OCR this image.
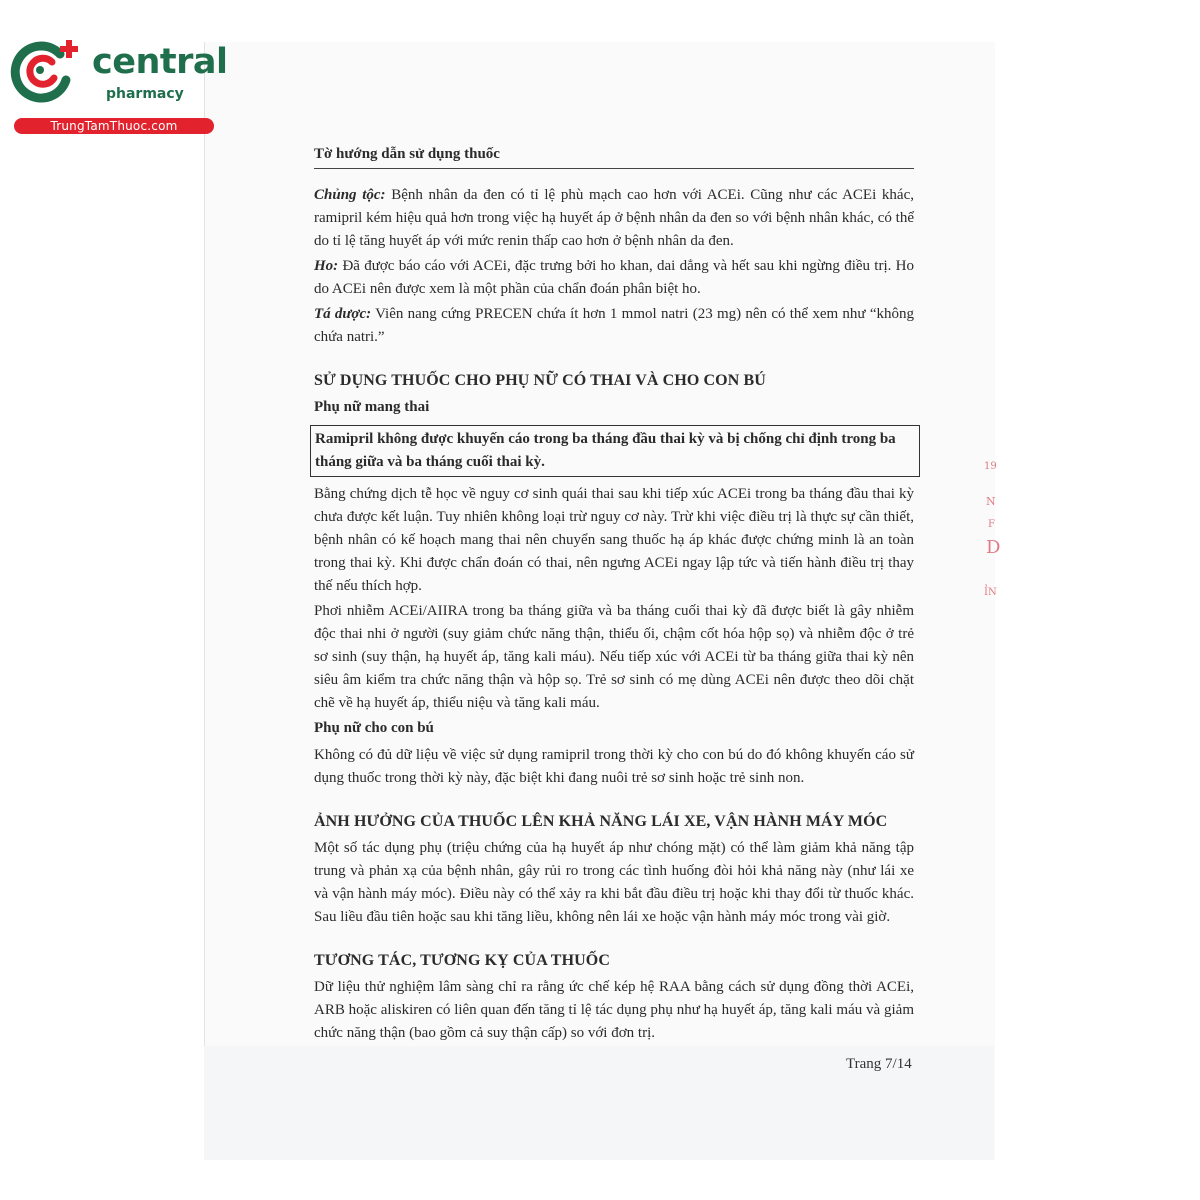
central
pharmacy
TrungTamThuoc.com
Tờ hướng dẫn sử dụng thuốc

Chủng tộc: Bệnh nhân da đen có tỉ lệ phù mạch cao hơn với ACEi. Cũng như các ACEi khác, ramipril kém hiệu quả hơn trong việc hạ huyết áp ở bệnh nhân da đen so với bệnh nhân khác, có thể do tỉ lệ tăng huyết áp với mức renin thấp cao hơn ở bệnh nhân da đen.

Ho: Đã được báo cáo với ACEi, đặc trưng bởi ho khan, dai dẳng và hết sau khi ngừng điều trị. Ho do ACEi nên được xem là một phần của chẩn đoán phân biệt ho.

Tá dược: Viên nang cứng PRECEN chứa ít hơn 1 mmol natri (23 mg) nên có thể xem như “không chứa natri.”

SỬ DỤNG THUỐC CHO PHỤ NỮ CÓ THAI VÀ CHO CON BÚ
Phụ nữ mang thai
Ramipril không được khuyến cáo trong ba tháng đầu thai kỳ và bị chống chỉ định trong ba tháng giữa và ba tháng cuối thai kỳ.

Bằng chứng dịch tễ học về nguy cơ sinh quái thai sau khi tiếp xúc ACEi trong ba tháng đầu thai kỳ chưa được kết luận. Tuy nhiên không loại trừ nguy cơ này. Trừ khi việc điều trị là thực sự cần thiết, bệnh nhân có kế hoạch mang thai nên chuyển sang thuốc hạ áp khác được chứng minh là an toàn trong thai kỳ. Khi được chẩn đoán có thai, nên ngưng ACEi ngay lập tức và tiến hành điều trị thay thế nếu thích hợp.

Phơi nhiễm ACEi/AIIRA trong ba tháng giữa và ba tháng cuối thai kỳ đã được biết là gây nhiễm độc thai nhi ở người (suy giảm chức năng thận, thiểu ối, chậm cốt hóa hộp sọ) và nhiễm độc ở trẻ sơ sinh (suy thận, hạ huyết áp, tăng kali máu). Nếu tiếp xúc với ACEi từ ba tháng giữa thai kỳ nên siêu âm kiểm tra chức năng thận và hộp sọ. Trẻ sơ sinh có mẹ dùng ACEi nên được theo dõi chặt chẽ về hạ huyết áp, thiểu niệu và tăng kali máu.

Phụ nữ cho con bú

Không có đủ dữ liệu về việc sử dụng ramipril trong thời kỳ cho con bú do đó không khuyến cáo sử dụng thuốc trong thời kỳ này, đặc biệt khi đang nuôi trẻ sơ sinh hoặc trẻ sinh non.

ẢNH HƯỞNG CỦA THUỐC LÊN KHẢ NĂNG LÁI XE, VẬN HÀNH MÁY MÓC

Một số tác dụng phụ (triệu chứng của hạ huyết áp như chóng mặt) có thể làm giảm khả năng tập trung và phản xạ của bệnh nhân, gây rủi ro trong các tình huống đòi hỏi khả năng này (như lái xe và vận hành máy móc). Điều này có thể xảy ra khi bắt đầu điều trị hoặc khi thay đổi từ thuốc khác. Sau liều đầu tiên hoặc sau khi tăng liều, không nên lái xe hoặc vận hành máy móc trong vài giờ.

TƯƠNG TÁC, TƯƠNG KỴ CỦA THUỐC

Dữ liệu thử nghiệm lâm sàng chỉ ra rằng ức chế kép hệ RAA bằng cách sử dụng đồng thời ACEi, ARB hoặc aliskiren có liên quan đến tăng tỉ lệ tác dụng phụ như hạ huyết áp, tăng kali máu và giảm chức năng thận (bao gồm cả suy thận cấp) so với đơn trị.

Trang 7/14
19
N
F
D
ỈN
